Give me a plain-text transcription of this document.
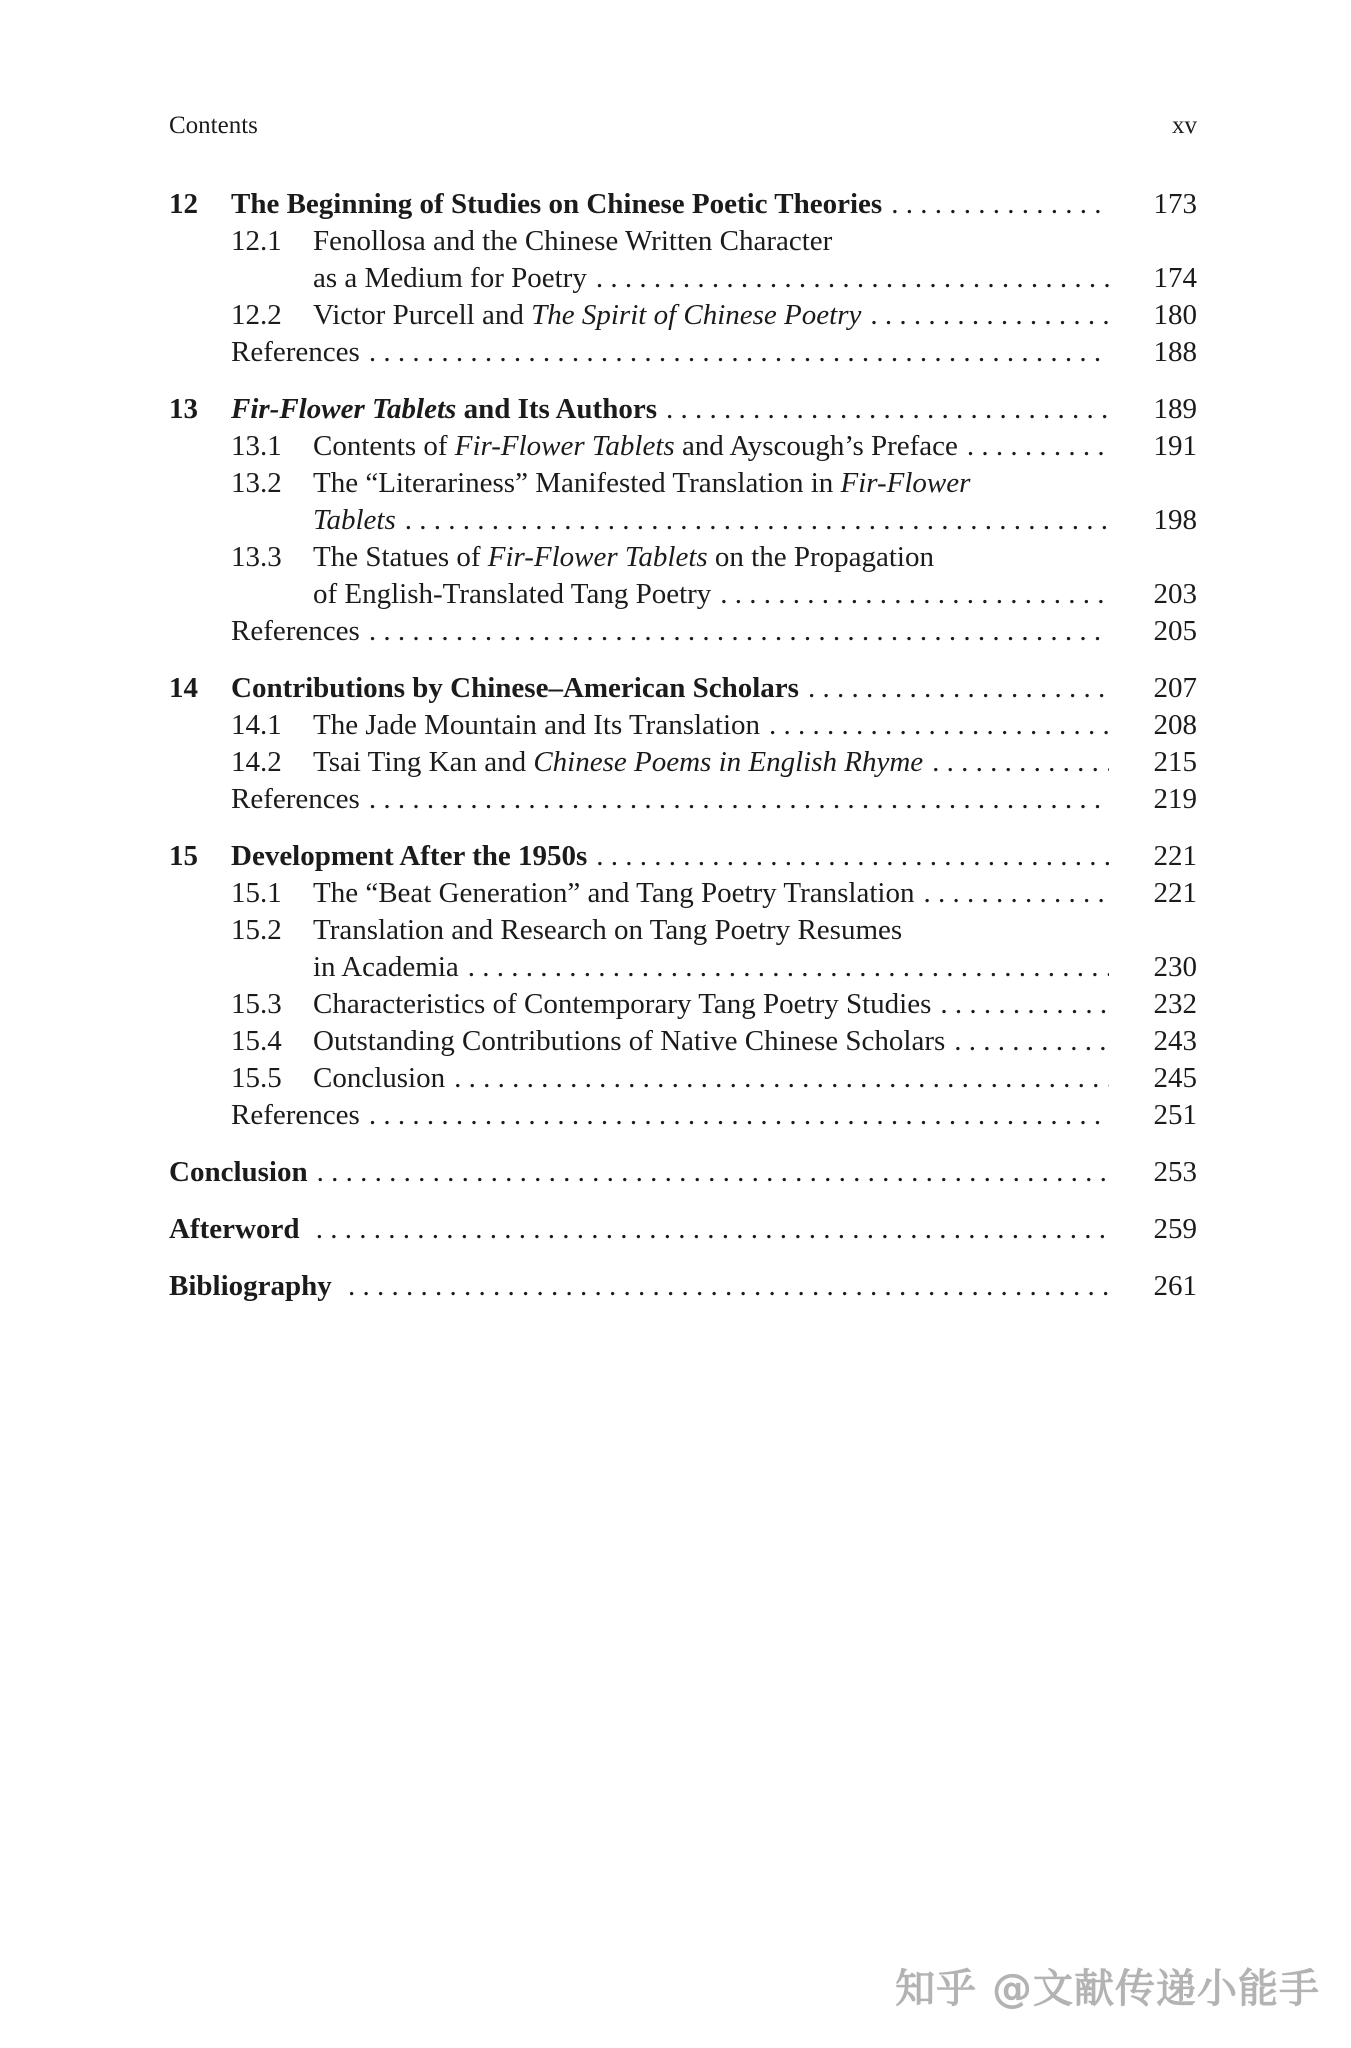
Contents	xv
12	The Beginning of Studies on Chinese Poetic Theories . . .	173
12.1	Fenollosa and the Chinese Written Character
as a Medium for Poetry . . .	174
12.2	Victor Purcell and The Spirit of Chinese Poetry . . .	180
References . . .	188
13	Fir-Flower Tablets and Its Authors . . .	189
13.1	Contents of Fir-Flower Tablets and Ayscough’s Preface . . .	191
13.2	The “Literariness” Manifested Translation in Fir-Flower
Tablets . . .	198
13.3	The Statues of Fir-Flower Tablets on the Propagation
of English-Translated Tang Poetry . . .	203
References . . .	205
14	Contributions by Chinese–American Scholars . . .	207
14.1	The Jade Mountain and Its Translation . . .	208
14.2	Tsai Ting Kan and Chinese Poems in English Rhyme . . .	215
References . . .	219
15	Development After the 1950s . . .	221
15.1	The “Beat Generation” and Tang Poetry Translation . . .	221
15.2	Translation and Research on Tang Poetry Resumes
in Academia . . .	230
15.3	Characteristics of Contemporary Tang Poetry Studies . . .	232
15.4	Outstanding Contributions of Native Chinese Scholars . . .	243
15.5	Conclusion . . .	245
References . . .	251
Conclusion . . .	253
Afterword . . .	259
Bibliography . . .	261
知乎 @文献传递小能手
